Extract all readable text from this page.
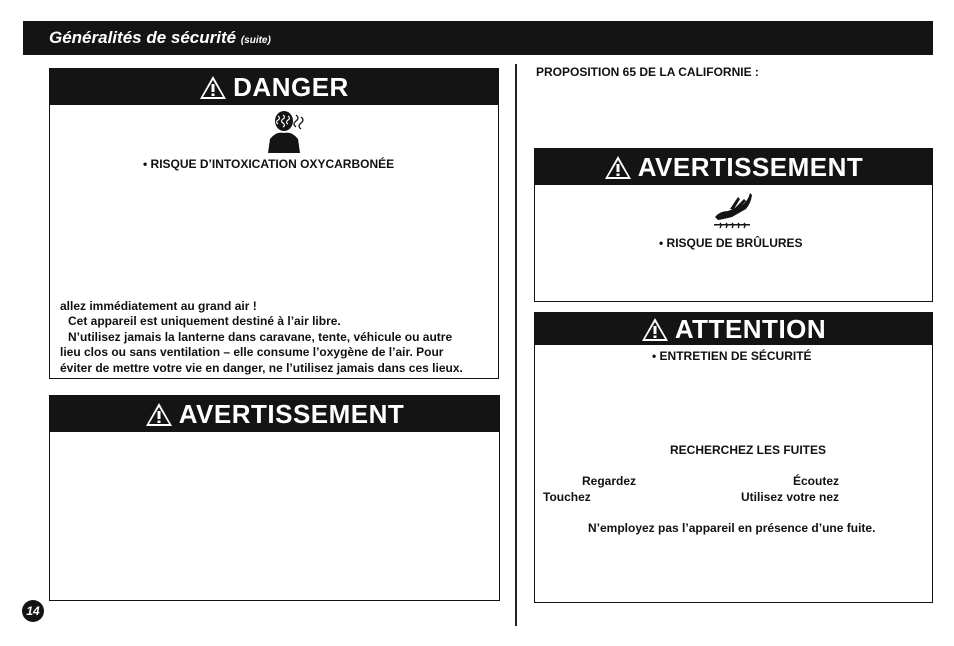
Généralités de sécurité (suite)
DANGER
• RISQUE D’INTOXICATION OXYCARBONÉE
allez immédiatement au grand air !
Cet appareil est uniquement destiné à l’air libre.
N’utilisez jamais la lanterne dans caravane, tente, véhicule ou autre
lieu clos ou sans ventilation – elle consume l’oxygène de l’air. Pour
éviter de mettre votre vie en danger, ne l’utilisez jamais dans ces lieux.
AVERTISSEMENT
PROPOSITION 65 DE LA CALIFORNIE :
AVERTISSEMENT
• RISQUE DE BRÛLURES
ATTENTION
• ENTRETIEN DE SÉCURITÉ
RECHERCHEZ LES FUITES
Regardez	Écoutez
Touchez	Utilisez votre nez
N’employez pas l’appareil en présence d’une fuite.
14
